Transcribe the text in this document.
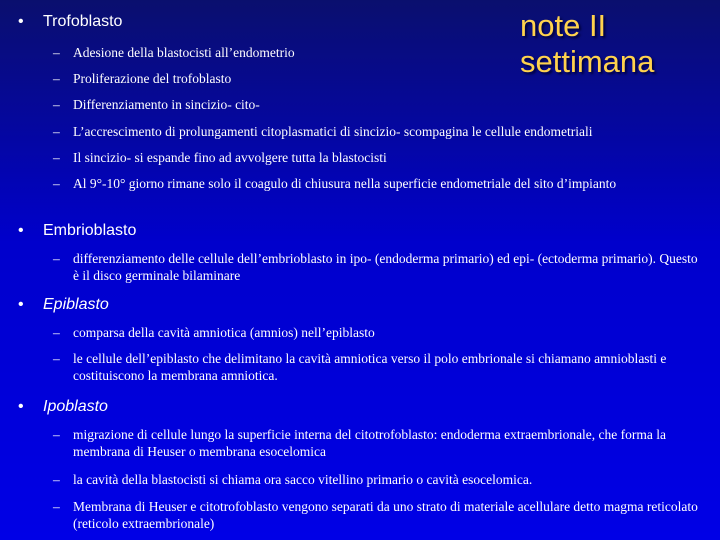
note II
settimana
• Trofoblasto
– Adesione della blastocisti all’endometrio
– Proliferazione del trofoblasto
– Differenziamento in sincizio- cito-
– L’accrescimento di prolungamenti citoplasmatici di sincizio- scompagina le cellule endometriali
– Il sincizio- si espande fino ad avvolgere tutta la blastocisti
– Al 9°-10° giorno rimane solo il coagulo di chiusura nella superficie endometriale del sito d’impianto
• Embrioblasto
– differenziamento delle cellule dell’embrioblasto in ipo- (endoderma primario) ed epi- (ectoderma primario). Questo è il disco germinale bilaminare
• Epiblasto
– comparsa della cavità amniotica (amnios) nell’epiblasto
– le cellule dell’epiblasto che delimitano la cavità amniotica verso il polo embrionale si chiamano amnioblasti e costituiscono la membrana amniotica.
• Ipoblasto
– migrazione di cellule lungo la superficie interna del citotrofoblasto: endoderma extraembrionale, che forma la membrana di Heuser o membrana esocelomica
– la cavità della blastocisti si chiama ora sacco vitellino primario o cavità esocelomica.
– Membrana di Heuser e citotrofoblasto vengono separati da uno strato di materiale acellulare detto magma reticolato (reticolo extraembrionale)
